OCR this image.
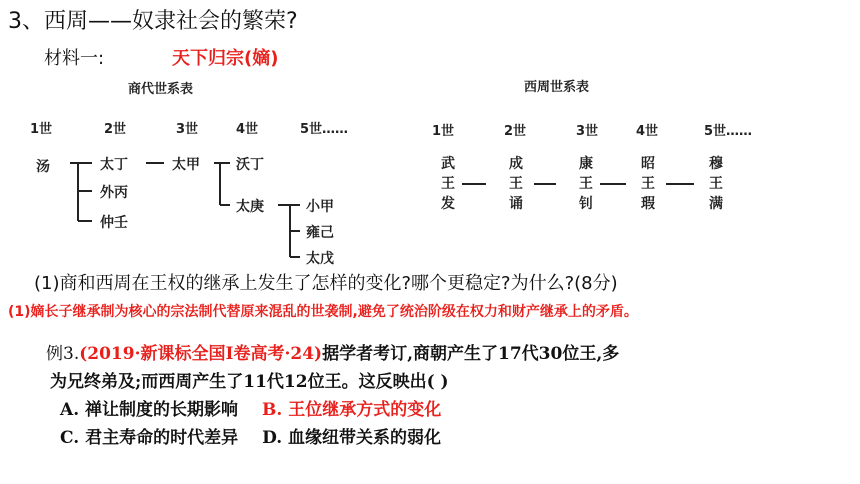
3、西周——奴隶社会的繁荣?
材料一:	天下归宗(嫡)
商代世系表
1世	2世	3世	4世	5世……
汤	太丁
外丙
仲壬
太甲	沃丁
太庚	小甲
雍己
太戊
西周世系表
1世	2世	3世	4世	5世……
武王发
成王诵
康王钊
昭王瑕
穆王满
(1)商和西周在王权的继承上发生了怎样的变化?哪个更稳定?为什么?(8分)
(1)嫡长子继承制为核心的宗法制代替原来混乱的世袭制,避免了统治阶级在权力和财产继承上的矛盾。
例3.(2019·新课标全国Ⅰ卷高考·24)据学者考订,商朝产生了17代30位王,多
为兄终弟及;而西周产生了11代12位王。这反映出( )
A. 禅让制度的长期影响 B. 王位继承方式的变化
C. 君主寿命的时代差异 D. 血缘纽带关系的弱化
